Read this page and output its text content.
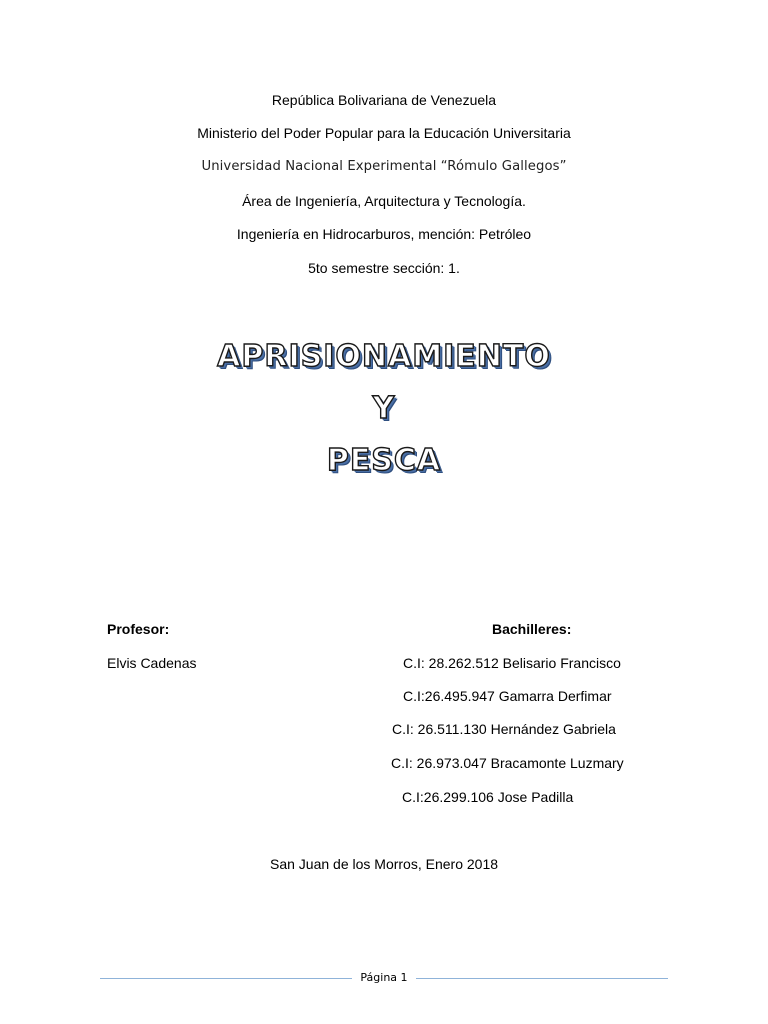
República Bolivariana de Venezuela
Ministerio del Poder Popular para la Educación Universitaria
Universidad Nacional Experimental “Rómulo Gallegos”
Área de Ingeniería, Arquitectura y Tecnología.
Ingeniería en Hidrocarburos, mención: Petróleo
5to semestre sección: 1.
APRISIONAMIENTO
Y
PESCA
Profesor:
Elvis Cadenas
Bachilleres:
C.I: 28.262.512 Belisario Francisco
C.I:26.495.947 Gamarra Derfimar
C.I: 26.511.130 Hernández Gabriela
C.I: 26.973.047 Bracamonte Luzmary
C.I:26.299.106 Jose Padilla
San Juan de los Morros, Enero 2018
Página 1
